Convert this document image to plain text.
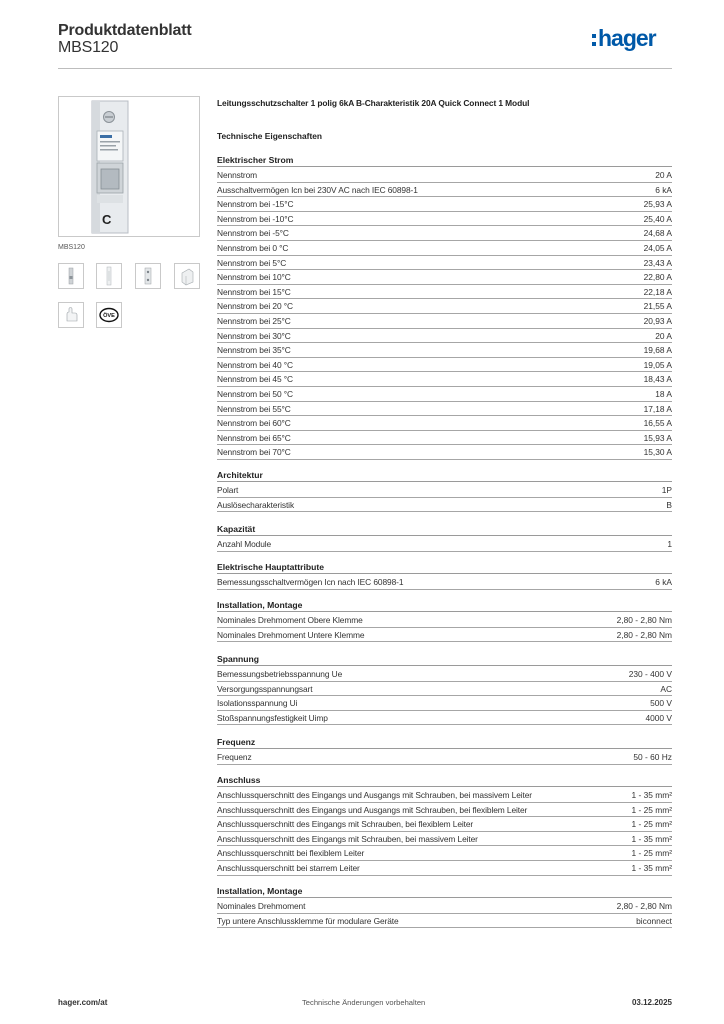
Produktdatenblatt
MBS120	hager
C
MBS120
ÖVE
Leitungsschutzschalter 1 polig 6kA B-Charakteristik 20A Quick Connect 1 Modul
Technische Eigenschaften
Elektrischer Strom
Nennstrom	20 A
Ausschaltvermögen Icn bei 230V AC nach IEC 60898-1	6 kA
Nennstrom bei -15°C	25,93 A
Nennstrom bei -10°C	25,40 A
Nennstrom bei -5°C	24,68 A
Nennstrom bei 0 °C	24,05 A
Nennstrom bei 5°C	23,43 A
Nennstrom bei 10°C	22,80 A
Nennstrom bei 15°C	22,18 A
Nennstrom bei 20 °C	21,55 A
Nennstrom bei 25°C	20,93 A
Nennstrom bei 30°C	20 A
Nennstrom bei 35°C	19,68 A
Nennstrom bei 40 °C	19,05 A
Nennstrom bei 45 °C	18,43 A
Nennstrom bei 50 °C	18 A
Nennstrom bei 55°C	17,18 A
Nennstrom bei 60°C	16,55 A
Nennstrom bei 65°C	15,93 A
Nennstrom bei 70°C	15,30 A
Architektur
Polart	1P
Auslösecharakteristik	B
Kapazität
Anzahl Module	1
Elektrische Hauptattribute
Bemessungsschaltvermögen Icn nach IEC 60898-1	6 kA
Installation, Montage
Nominales Drehmoment Obere Klemme	2,80 - 2,80 Nm
Nominales Drehmoment Untere Klemme	2,80 - 2,80 Nm
Spannung
Bemessungsbetriebsspannung Ue	230 - 400 V
Versorgungsspannungsart	AC
Isolationsspannung Ui	500 V
Stoßspannungsfestigkeit Uimp	4000 V
Frequenz
Frequenz	50 - 60 Hz
Anschluss
Anschlussquerschnitt des Eingangs und Ausgangs mit Schrauben, bei massivem Leiter	1 - 35 mm²
Anschlussquerschnitt des Eingangs und Ausgangs mit Schrauben, bei flexiblem Leiter	1 - 25 mm²
Anschlussquerschnitt des Eingangs mit Schrauben, bei flexiblem Leiter	1 - 25 mm²
Anschlussquerschnitt des Eingangs mit Schrauben, bei massivem Leiter	1 - 35 mm²
Anschlussquerschnitt bei flexiblem Leiter	1 - 25 mm²
Anschlussquerschnitt bei starrem Leiter	1 - 35 mm²
Installation, Montage
Nominales Drehmoment	2,80 - 2,80 Nm
Typ untere Anschlussklemme für modulare Geräte	biconnect
hager.com/at	Technische Änderungen vorbehalten	03.12.2025
